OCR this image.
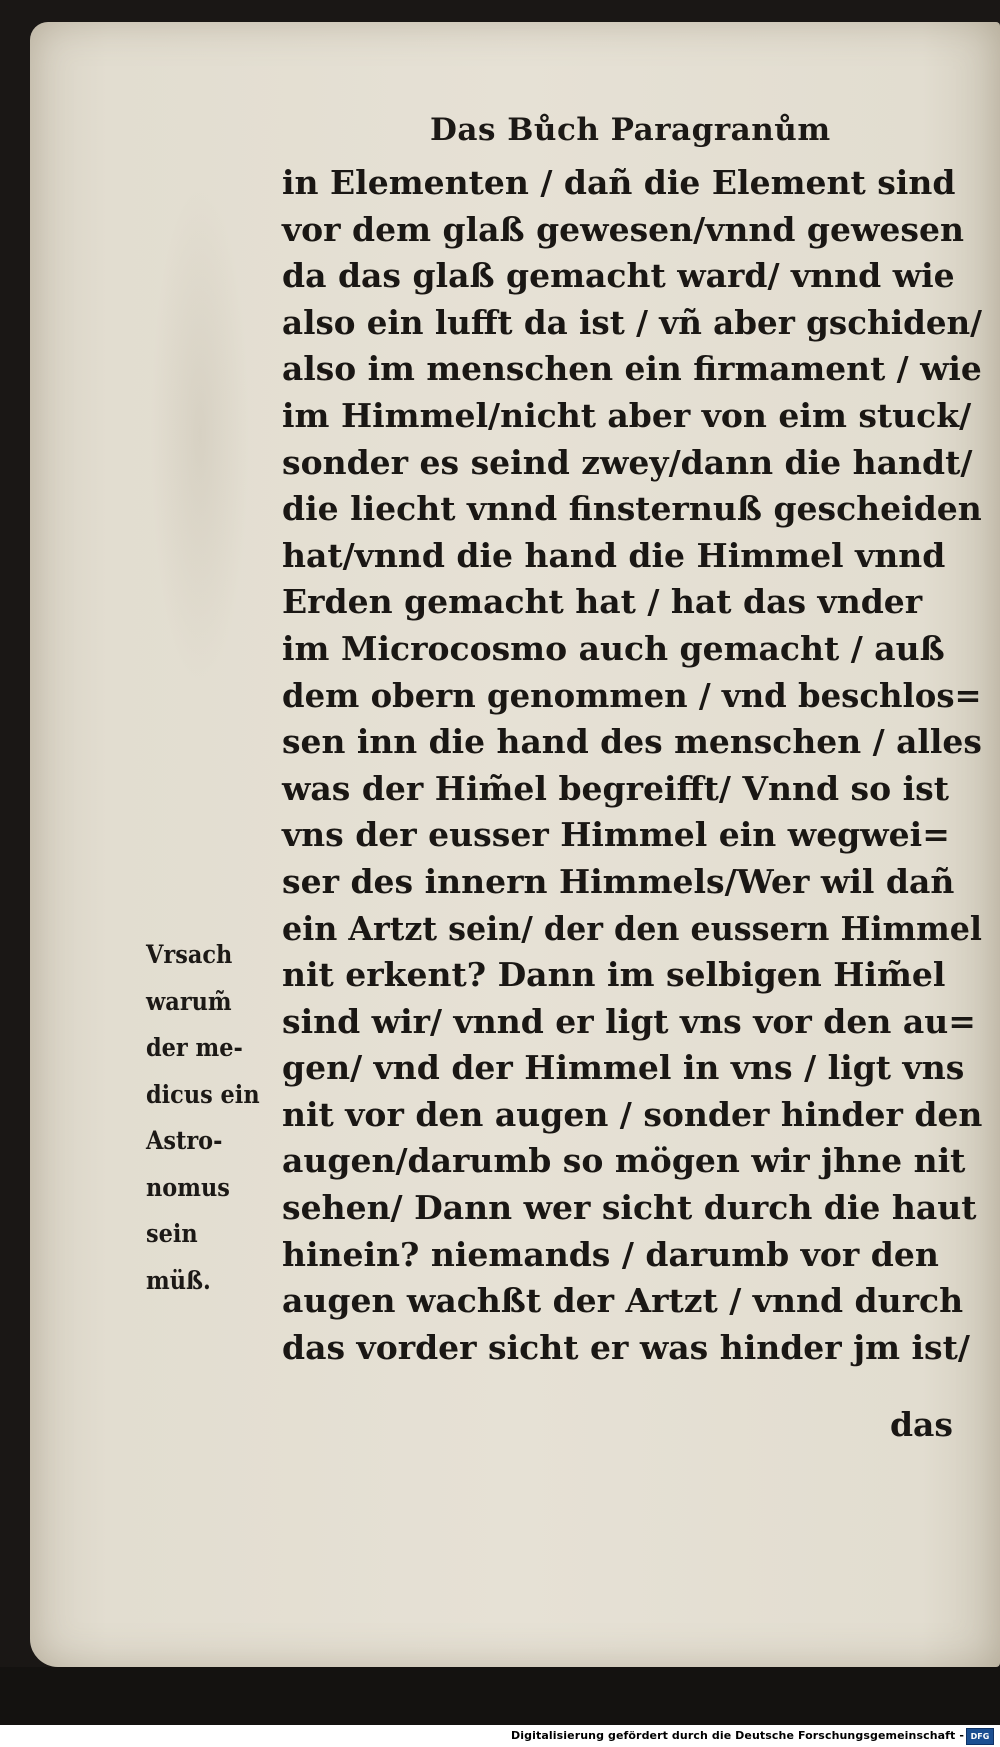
Das Bůch Paragranům
in Elementen / dañ die Element sind
vor dem glaß gewesen/vnnd gewesen
da das glaß gemacht ward/ vnnd wie
also ein lufft da ist / vñ aber gschiden/
also im menschen ein firmament / wie
im Himmel/nicht aber von eim stuck/
sonder es seind zwey/dann die handt/
die liecht vnnd finsternuß gescheiden
hat/vnnd die hand die Himmel vnnd
Erden gemacht hat / hat das vnder
im Microcosmo auch gemacht / auß
dem obern genommen / vnd beschlos=
sen inn die hand des menschen / alles
was der Him̃el begreifft/ Vnnd so ist
vns der eusser Himmel ein wegwei=
ser des innern Himmels/Wer wil dañ
ein Artzt sein/ der den eussern Himmel
nit erkent? Dann im selbigen Him̃el
sind wir/ vnnd er ligt vns vor den au=
gen/ vnd der Himmel in vns / ligt vns
nit vor den augen / sonder hinder den
augen/darumb so mögen wir jhne nit
sehen/ Dann wer sicht durch die haut
hinein? niemands / darumb vor den
augen wachßt der Artzt / vnnd durch
das vorder sicht er was hinder jm ist/
das
Vrsach
warum̃
der me-
dicus ein
Astro-
nomus
sein
müß.
Digitalisierung gefördert durch die Deutsche Forschungsgemeinschaft - DFG
